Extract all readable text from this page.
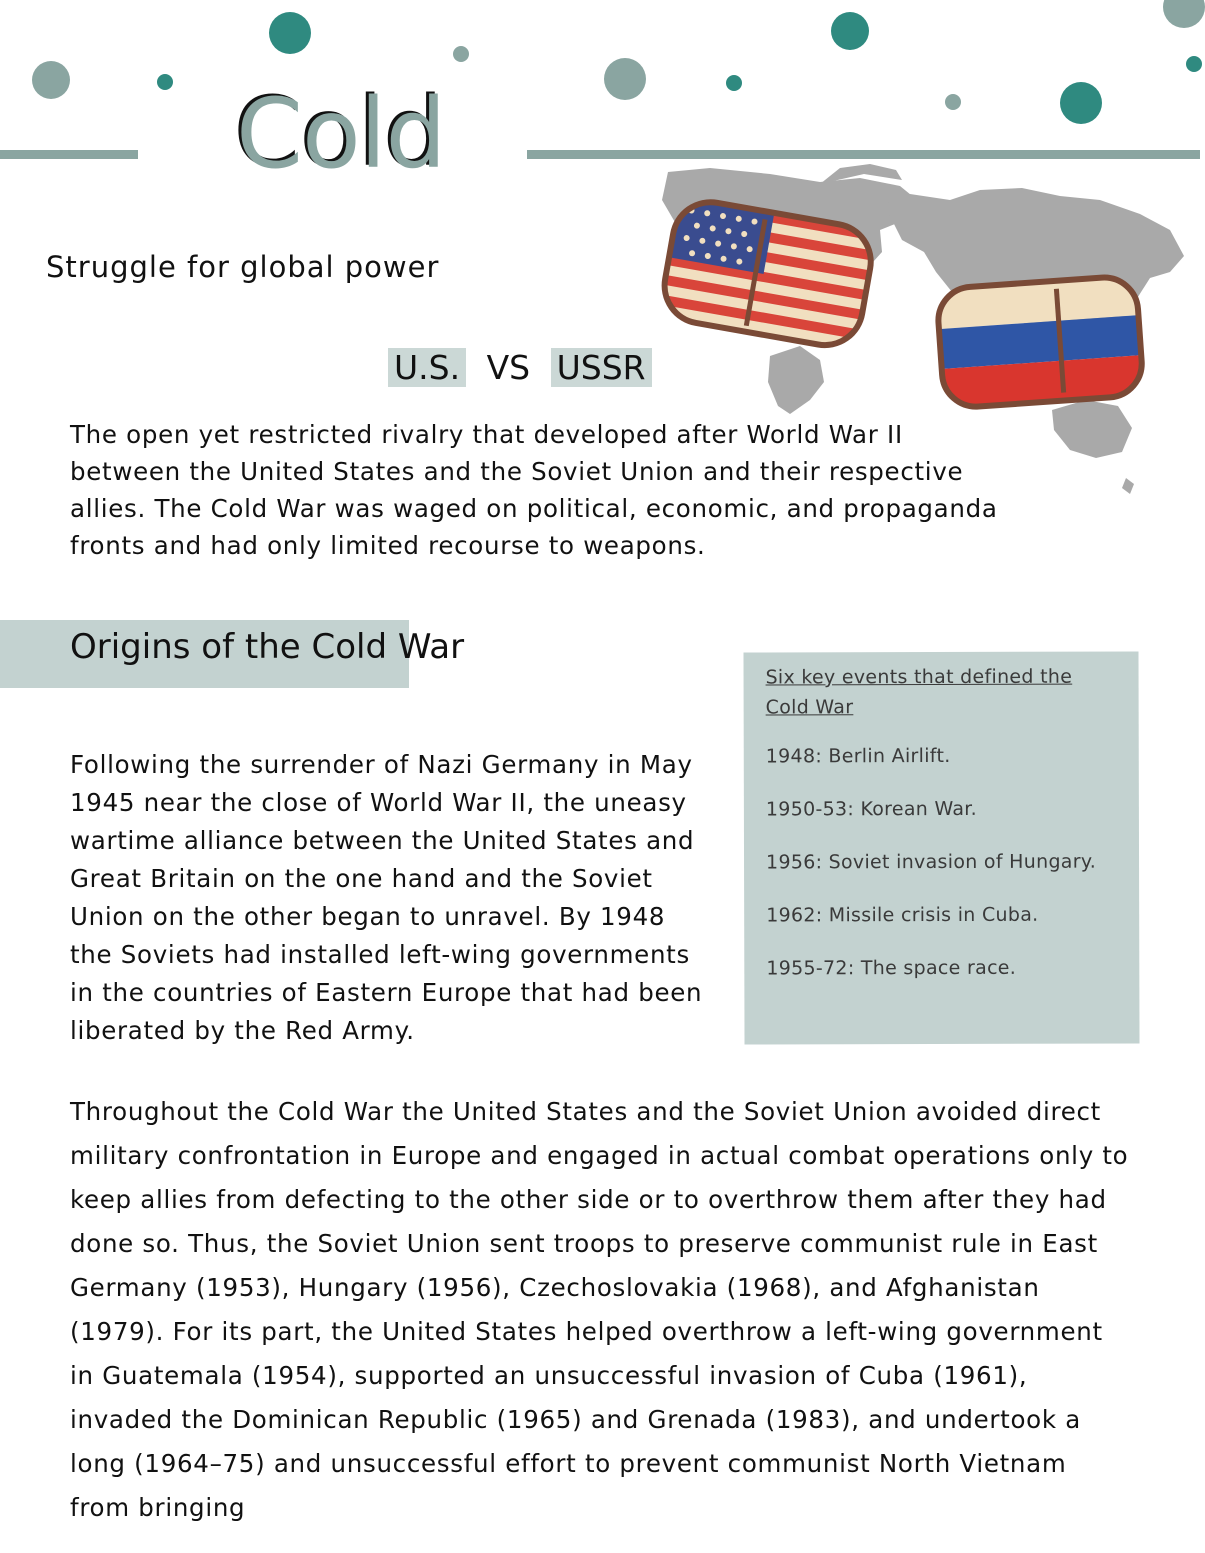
Cold
Struggle for global power
U.S. VS USSR
The open yet restricted rivalry that developed after World War II between the United States and the Soviet Union and their respective allies. The Cold War was waged on political, economic, and propaganda fronts and had only limited recourse to weapons.
Origins of the Cold War
Following the surrender of Nazi Germany in May 1945 near the close of World War II, the uneasy wartime alliance between the United States and Great Britain on the one hand and the Soviet Union on the other began to unravel. By 1948 the Soviets had installed left-wing governments in the countries of Eastern Europe that had been liberated by the Red Army.
Six key events that defined the Cold War
1948: Berlin Airlift.
1950-53: Korean War.
1956: Soviet invasion of Hungary.
1962: Missile crisis in Cuba.
1955-72: The space race.
Throughout the Cold War the United States and the Soviet Union avoided direct military confrontation in Europe and engaged in actual combat operations only to keep allies from defecting to the other side or to overthrow them after they had done so. Thus, the Soviet Union sent troops to preserve communist rule in East Germany (1953), Hungary (1956), Czechoslovakia (1968), and Afghanistan (1979). For its part, the United States helped overthrow a left-wing government in Guatemala (1954), supported an unsuccessful invasion of Cuba (1961), invaded the Dominican Republic (1965) and Grenada (1983), and undertook a long (1964–75) and unsuccessful effort to prevent communist North Vietnam from bringing
